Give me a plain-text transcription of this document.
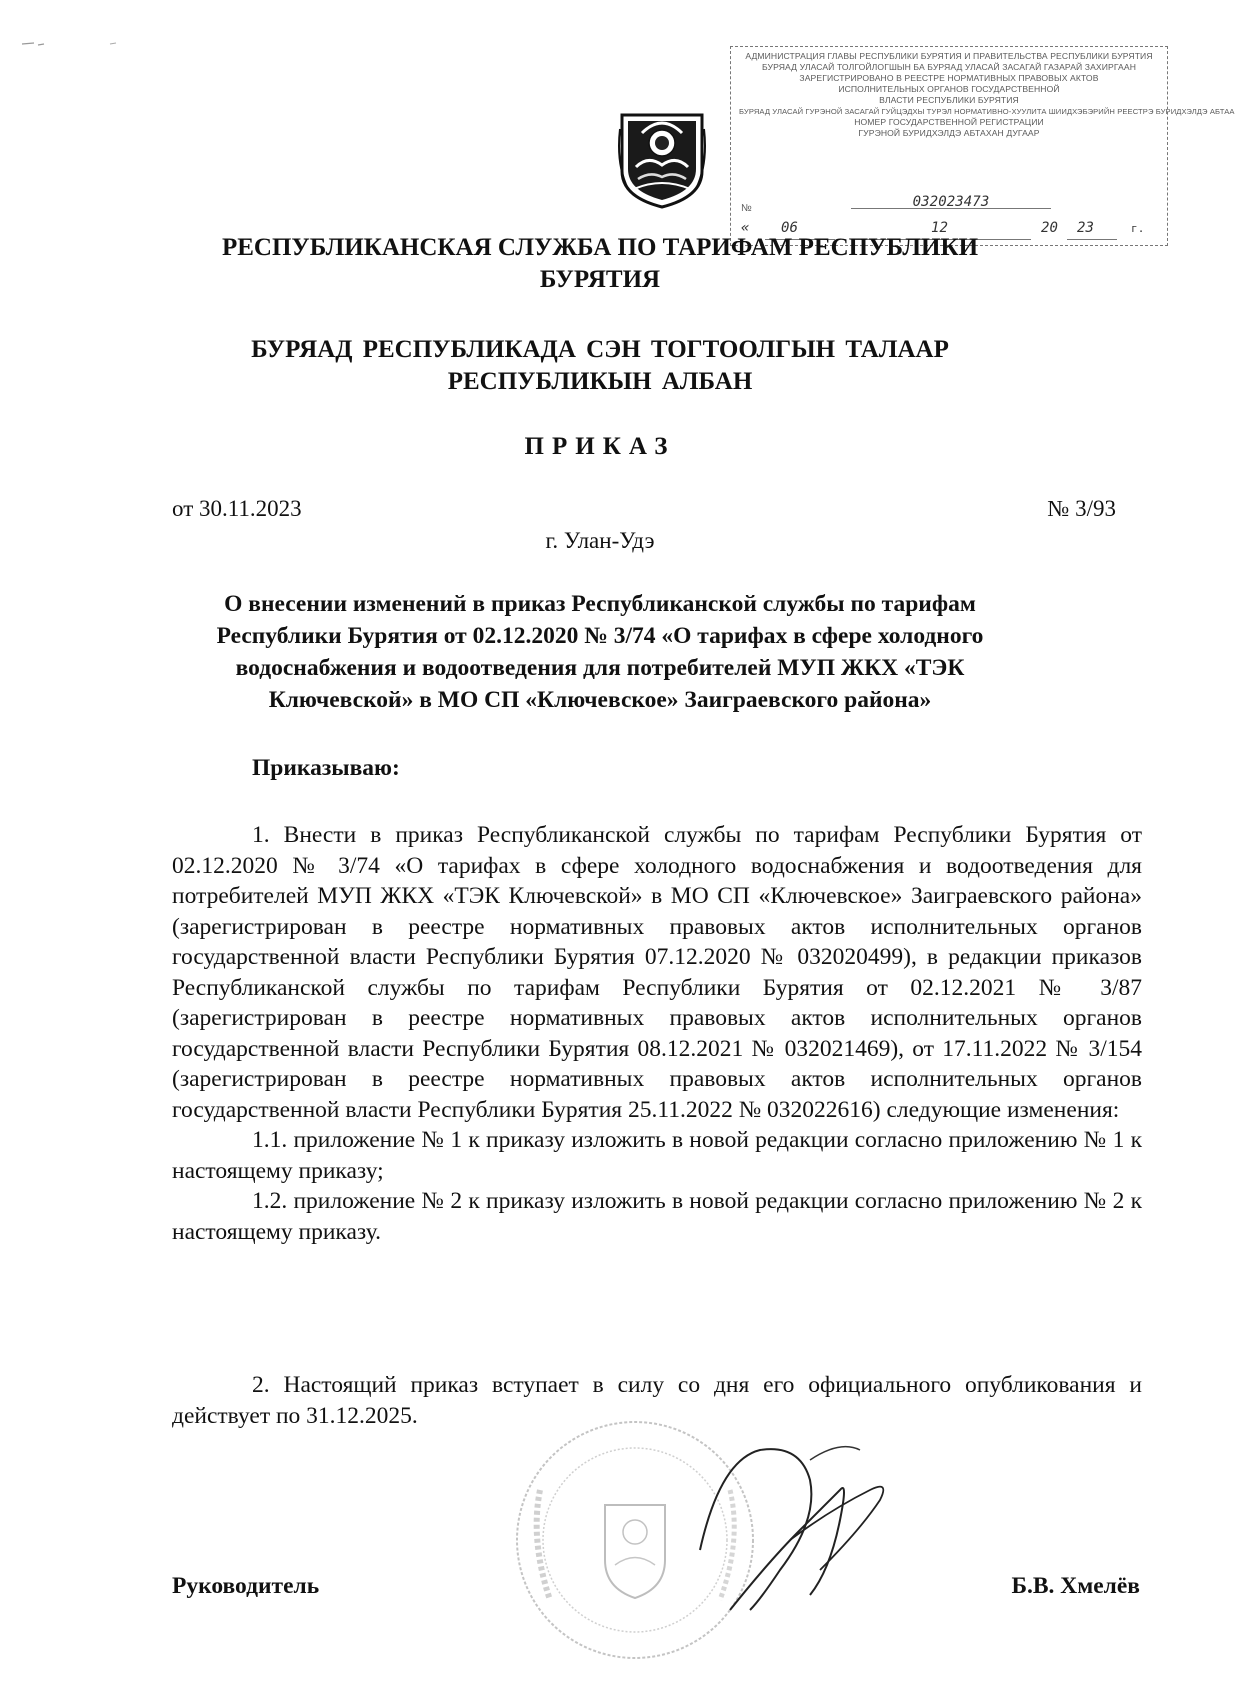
АДМИНИСТРАЦИЯ ГЛАВЫ РЕСПУБЛИКИ БУРЯТИЯ И ПРАВИТЕЛЬСТВА РЕСПУБЛИКИ БУРЯТИЯ
БУРЯАД УЛАСАЙ ТОЛГОЙЛОГШЫН БА БУРЯАД УЛАСАЙ ЗАСАГАЙ ГАЗАРАЙ ЗАХИРГААН
ЗАРЕГИСТРИРОВАНО В РЕЕСТРЕ НОРМАТИВНЫХ ПРАВОВЫХ АКТОВ
ИСПОЛНИТЕЛЬНЫХ ОРГАНОВ ГОСУДАРСТВЕННОЙ
ВЛАСТИ РЕСПУБЛИКИ БУРЯТИЯ
БУРЯАД УЛАСАЙ ГУРЭНОЙ ЗАСАГАЙ ГУЙЦЭДХЫ ТУРЭЛ НОРМАТИВНО-ХУУЛИТА ШИИДХЭБЭРИЙН РЕЕСТРЭ БУРИДХЭЛДЭ АБТАА
НОМЕР ГОСУДАРСТВЕННОЙ РЕГИСТРАЦИИ
ГУРЭНОЙ БУРИДХЭЛДЭ АБТАХАН ДУГААР
№	032023473
« 06	12	20 23	г.
РЕСПУБЛИКАНСКАЯ СЛУЖБА ПО ТАРИФАМ РЕСПУБЛИКИ
БУРЯТИЯ
БУРЯАД РЕСПУБЛИКАДА СЭН ТОГТООЛГЫН ТАЛААР
РЕСПУБЛИКЫН АЛБАН
ПРИКАЗ
от 30.11.2023	№ 3/93
г. Улан-Удэ
О внесении изменений в приказ Республиканской службы по тарифам
Республики Бурятия от 02.12.2020 № 3/74 «О тарифах в сфере холодного
водоснабжения и водоотведения для потребителей МУП ЖКХ «ТЭК
Ключевской» в МО СП «Ключевское» Заиграевского района»
Приказываю:
1. Внести в приказ Республиканской службы по тарифам Республики Бурятия от 02.12.2020 № 3/74 «О тарифах в сфере холодного водоснабжения и водоотведения для потребителей МУП ЖКХ «ТЭК Ключевской» в МО СП «Ключевское» Заиграевского района» (зарегистрирован в реестре нормативных правовых актов исполнительных органов государственной власти Республики Бурятия 07.12.2020 № 032020499), в редакции приказов Республиканской службы по тарифам Республики Бурятия от 02.12.2021 № 3/87 (зарегистрирован в реестре нормативных правовых актов исполнительных органов государственной власти Республики Бурятия 08.12.2021 № 032021469), от 17.11.2022 № 3/154 (зарегистрирован в реестре нормативных правовых актов исполнительных органов государственной власти Республики Бурятия 25.11.2022 № 032022616) следующие изменения:
1.1. приложение № 1 к приказу изложить в новой редакции согласно приложению № 1 к настоящему приказу;
1.2. приложение № 2 к приказу изложить в новой редакции согласно приложению № 2 к настоящему приказу.
2. Настоящий приказ вступает в силу со дня его официального опубликования и действует по 31.12.2025.
Руководитель	Б.В. Хмелёв
